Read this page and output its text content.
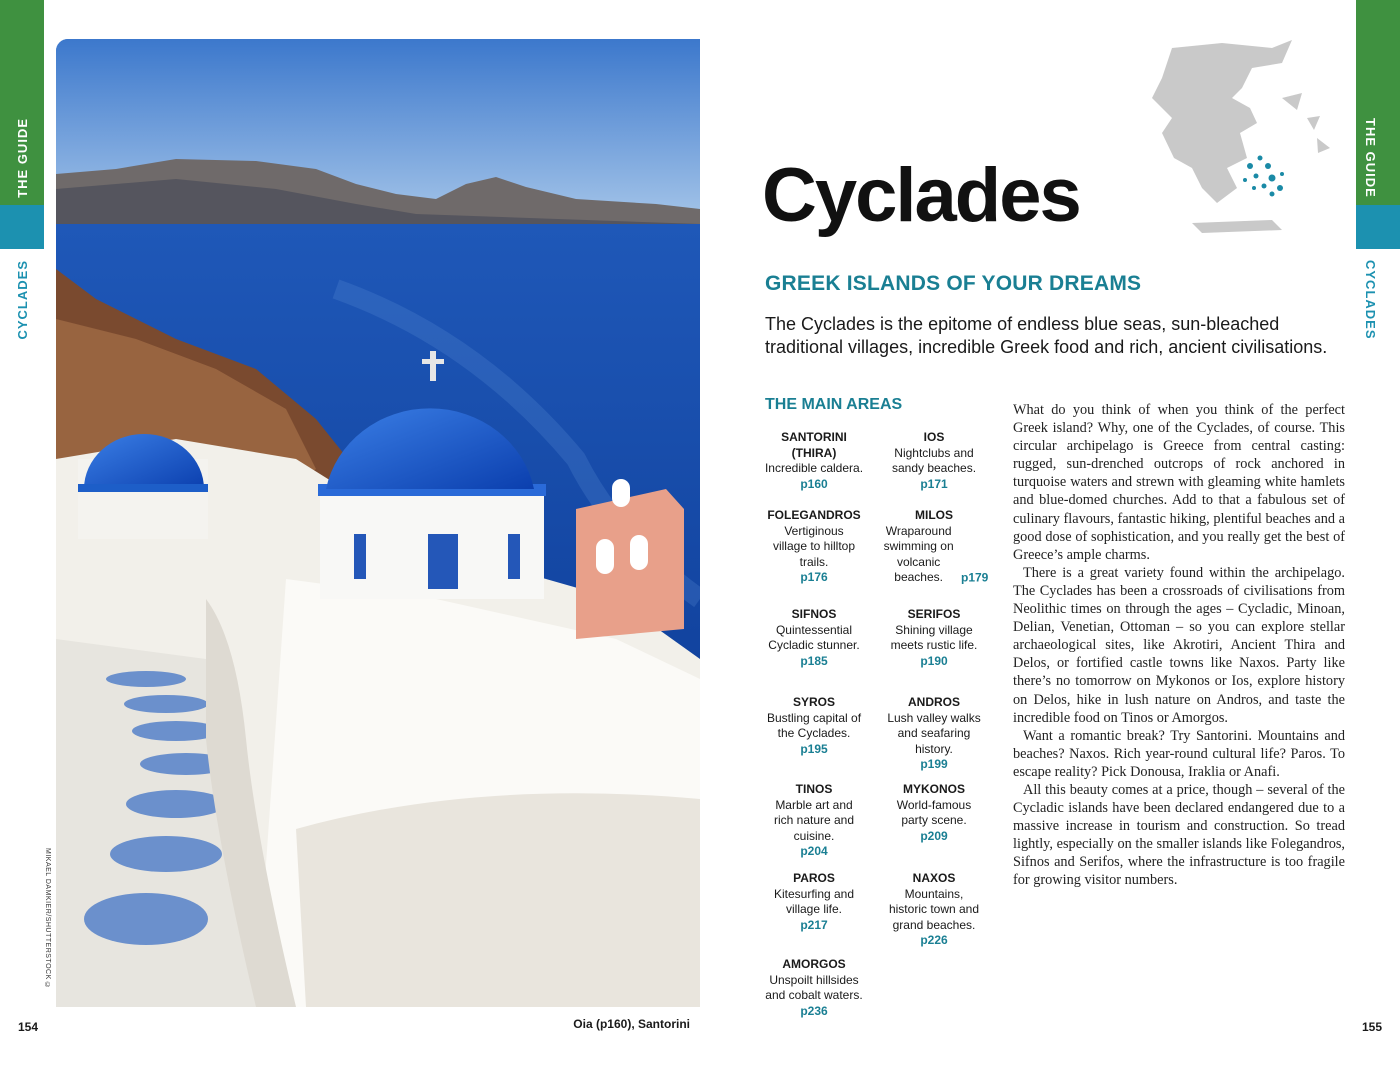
THE GUIDE
CYCLADES
THE GUIDE
CYCLADES
MIKAEL DAMKIER/SHUTTERSTOCK ©
154	Oia (p160), Santorini
Cyclades
GREEK ISLANDS OF YOUR DREAMS
The Cyclades is the epitome of endless blue seas, sun-bleached traditional villages, incredible Greek food and rich, ancient civilisations.
THE MAIN AREAS
SANTORINI (THIRA)
Incredible caldera. p160
IOS
Nightclubs and sandy beaches.
p171
FOLEGANDROS
Vertiginous village to hilltop trails. p176
MILOS
Wraparound swimming on volcanic beaches. p179
SIFNOS
Quintessential Cycladic stunner.
p185
SERIFOS
Shining village meets rustic life.
p190
SYROS
Bustling capital of the Cyclades.
p195
ANDROS
Lush valley walks and seafaring history. p199
TINOS
Marble art and rich nature and cuisine. p204
MYKONOS
World-famous party scene.
p209
PAROS
Kitesurfing and village life.
p217
NAXOS
Mountains, historic town and grand beaches. p226
AMORGOS
Unspoilt hillsides and cobalt waters. p236

What do you think of when you think of the perfect Greek island? Why, one of the Cyclades, of course. This circular archipelago is Greece from central casting: rugged, sun-drenched outcrops of rock anchored in turquoise waters and strewn with gleaming white hamlets and blue-domed churches. Add to that a fabulous set of culinary flavours, fantastic hiking, plentiful beaches and a good dose of sophistication, and you really get the best of Greece’s ample charms.

There is a great variety found within the archipelago. The Cyclades has been a crossroads of civilisations from Neolithic times on through the ages – Cycladic, Minoan, Delian, Venetian, Ottoman – so you can explore stellar archaeological sites, like Akrotiri, Ancient Thira and Delos, or fortified castle towns like Naxos. Party like there’s no tomorrow on Mykonos or Ios, explore history on Delos, hike in lush nature on Andros, and taste the incredible food on Tinos or Amorgos.

Want a romantic break? Try Santorini. Mountains and beaches? Naxos. Rich year-round cultural life? Paros. To escape reality? Pick Donousa, Iraklia or Anafi.

All this beauty comes at a price, though – several of the Cycladic islands have been declared endangered due to a massive increase in tourism and construction. So tread lightly, especially on the smaller islands like Folegandros, Sifnos and Serifos, where the infrastructure is too fragile for growing visitor numbers.

155
